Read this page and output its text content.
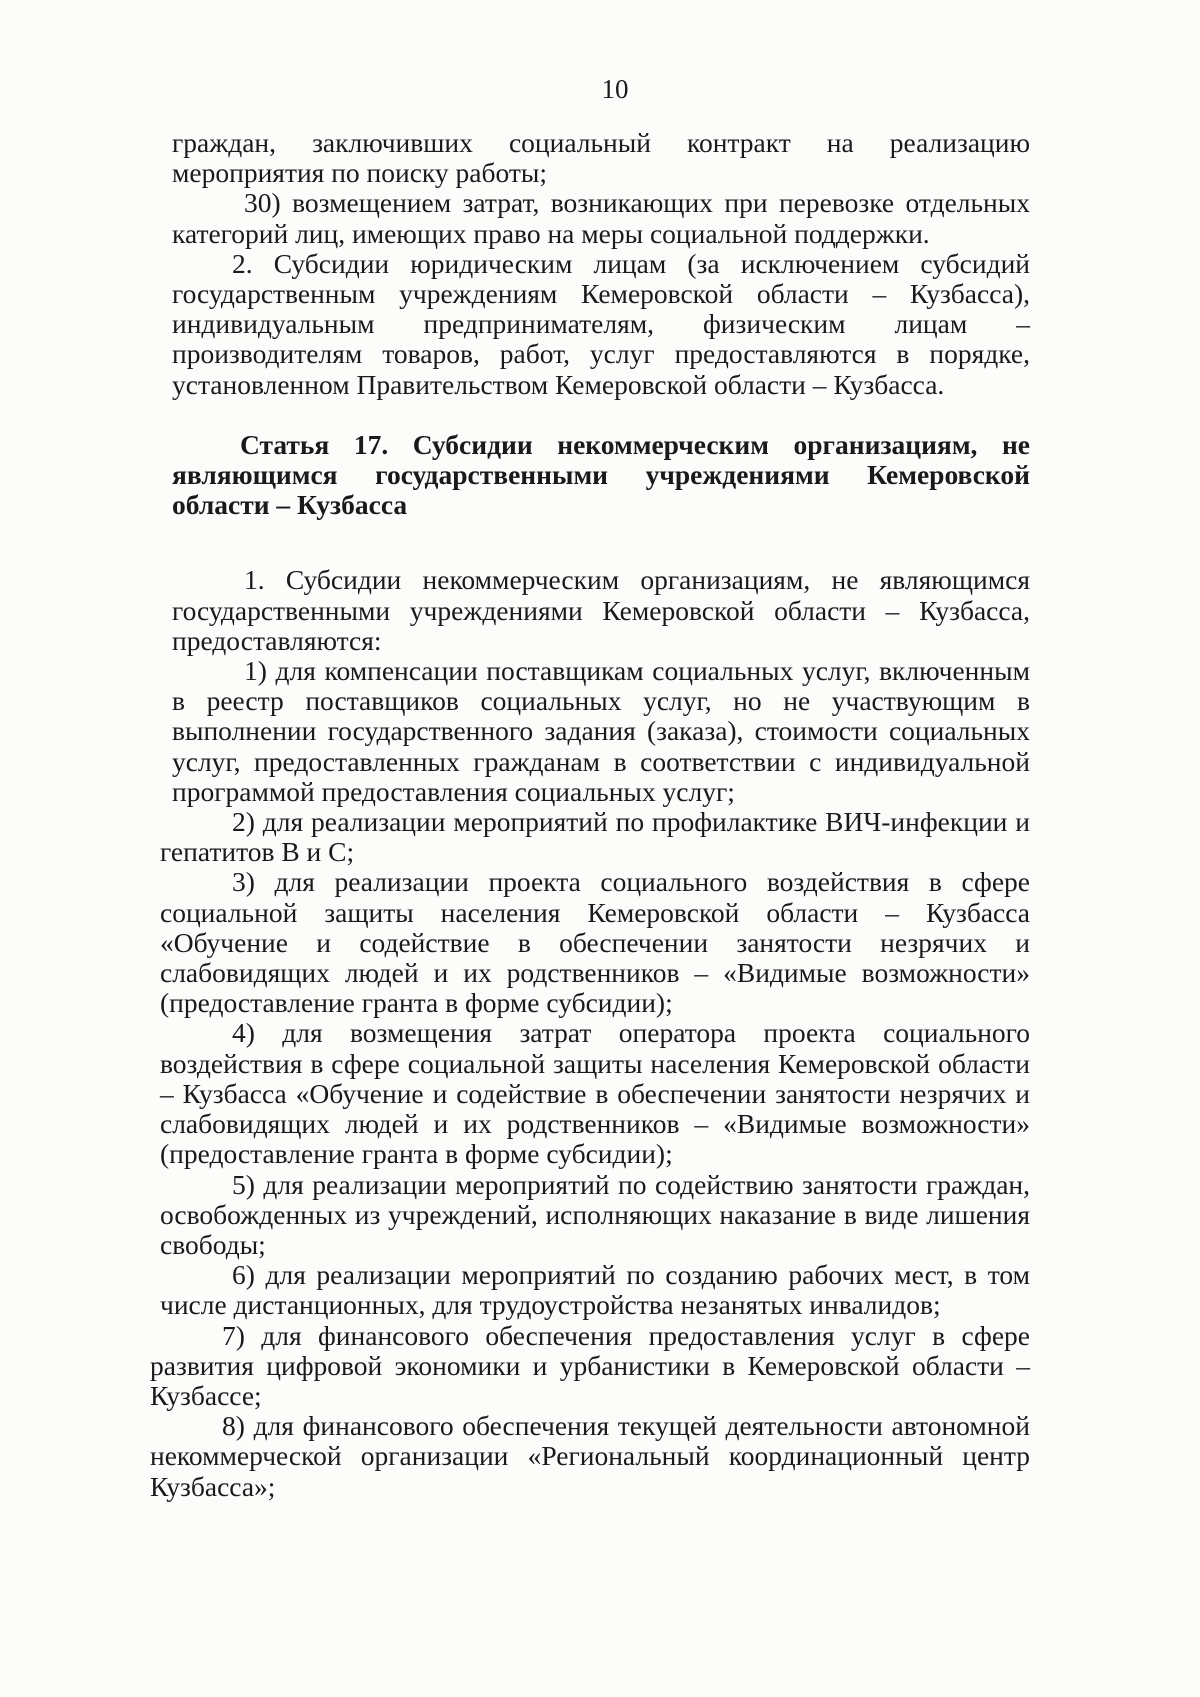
10

граждан, заключивших социальный контракт на реализацию мероприятия по поиску работы;

30) возмещением затрат, возникающих при перевозке отдельных категорий лиц, имеющих право на меры социальной поддержки.

2. Субсидии юридическим лицам (за исключением субсидий государственным учреждениям Кемеровской области – Кузбасса), индивидуальным предпринимателям, физическим лицам – производителям товаров, работ, услуг предоставляются в порядке, установленном Правительством Кемеровской области – Кузбасса.

Статья 17. Субсидии некоммерческим организациям, не являющимся государственными учреждениями Кемеровской области – Кузбасса

1. Субсидии некоммерческим организациям, не являющимся государственными учреждениями Кемеровской области – Кузбасса, предоставляются:

1) для компенсации поставщикам социальных услуг, включенным в реестр поставщиков социальных услуг, но не участвующим в выполнении государственного задания (заказа), стоимости социальных услуг, предоставленных гражданам в соответствии с индивидуальной программой предоставления социальных услуг;

2) для реализации мероприятий по профилактике ВИЧ-инфекции и гепатитов В и С;

3) для реализации проекта социального воздействия в сфере социальной защиты населения Кемеровской области – Кузбасса «Обучение и содействие в обеспечении занятости незрячих и слабовидящих людей и их родственников – «Видимые возможности» (предоставление гранта в форме субсидии);

4) для возмещения затрат оператора проекта социального воздействия в сфере социальной защиты населения Кемеровской области – Кузбасса «Обучение и содействие в обеспечении занятости незрячих и слабовидящих людей и их родственников – «Видимые возможности» (предоставление гранта в форме субсидии);

5) для реализации мероприятий по содействию занятости граждан, освобожденных из учреждений, исполняющих наказание в виде лишения свободы;

6) для реализации мероприятий по созданию рабочих мест, в том числе дистанционных, для трудоустройства незанятых инвалидов;

7) для финансового обеспечения предоставления услуг в сфере развития цифровой экономики и урбанистики в Кемеровской области – Кузбассе;

8) для финансового обеспечения текущей деятельности автономной некоммерческой организации «Региональный координационный центр Кузбасса»;
